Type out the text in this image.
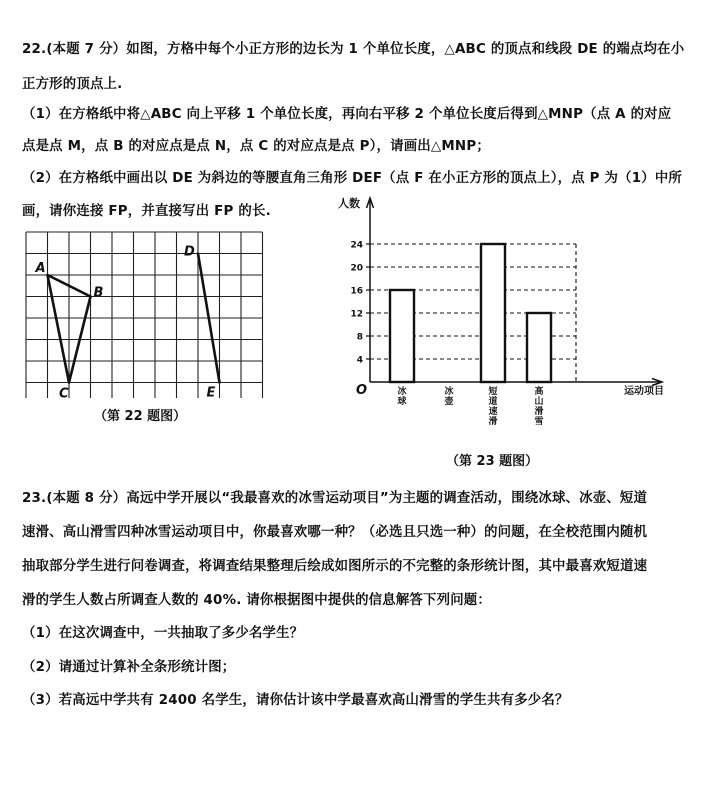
22.(本题 7 分）如图，方格中每个小正方形的边长为 1 个单位长度，△ABC 的顶点和线段 DE 的端点均在小
正方形的顶点上.
（1）在方格纸中将△ABC 向上平移 1 个单位长度，再向右平移 2 个单位长度后得到△MNP（点 A 的对应
点是点 M，点 B 的对应点是点 N，点 C 的对应点是点 P），请画出△MNP；
（2）在方格纸中画出以 DE 为斜边的等腰直角三角形 DEF（点 F 在小正方形的顶点上），点 P 为（1）中所
画，请你连接 FP，并直接写出 FP 的长.
A
B
C
D
E
（第 22 题图）
人数
运动项目
O
4
8
12
16
20
24
冰球
冰壶
短道速滑
高山滑雪
（第 23 题图）
23.(本题 8 分）高远中学开展以“我最喜欢的冰雪运动项目”为主题的调查活动，围绕冰球、冰壶、短道
速滑、高山滑雪四种冰雪运动项目中，你最喜欢哪一种？（必选且只选一种）的问题，在全校范围内随机
抽取部分学生进行问卷调查，将调查结果整理后绘成如图所示的不完整的条形统计图，其中最喜欢短道速
滑的学生人数占所调查人数的 40%. 请你根据图中提供的信息解答下列问题：
（1）在这次调查中，一共抽取了多少名学生？
（2）请通过计算补全条形统计图；
（3）若高远中学共有 2400 名学生，请你估计该中学最喜欢高山滑雪的学生共有多少名？
